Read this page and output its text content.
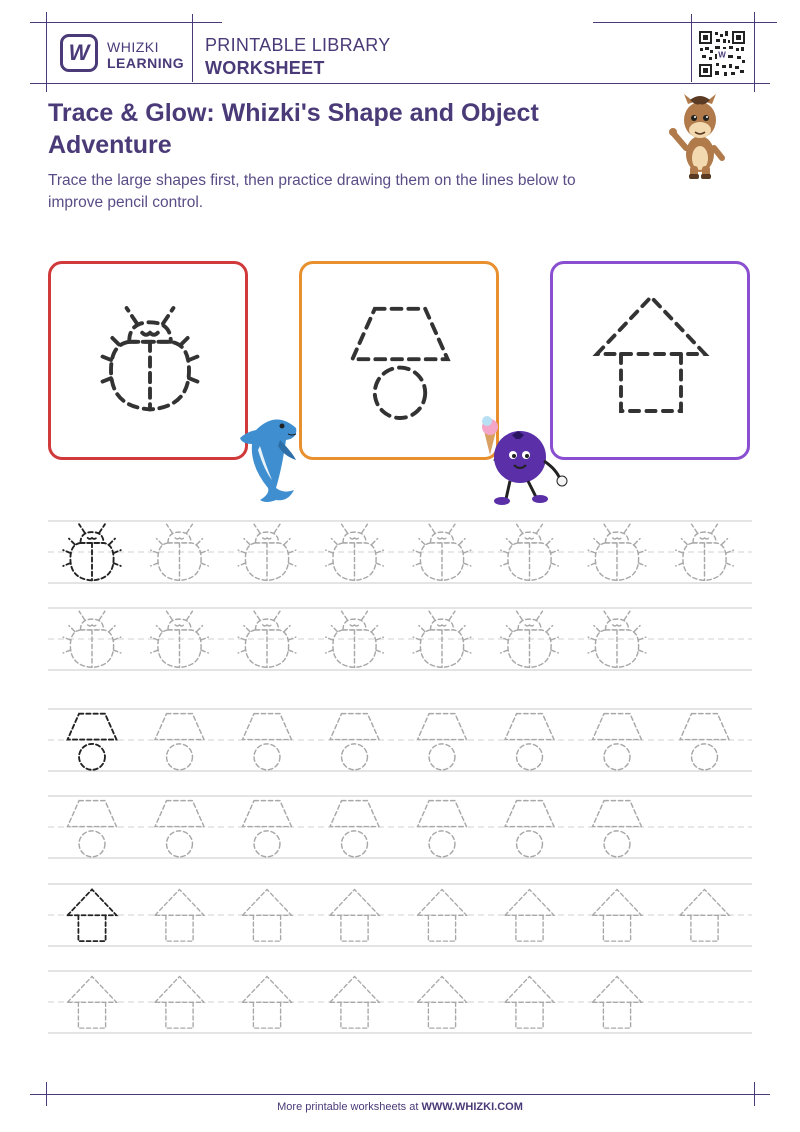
W	WHIZKI
LEARNING
PRINTABLE LIBRARY
WORKSHEET
W
Trace & Glow: Whizki's Shape and Object Adventure
Trace the large shapes first, then practice drawing them on the lines below to improve pencil control.
More printable worksheets at WWW.WHIZKI.COM
